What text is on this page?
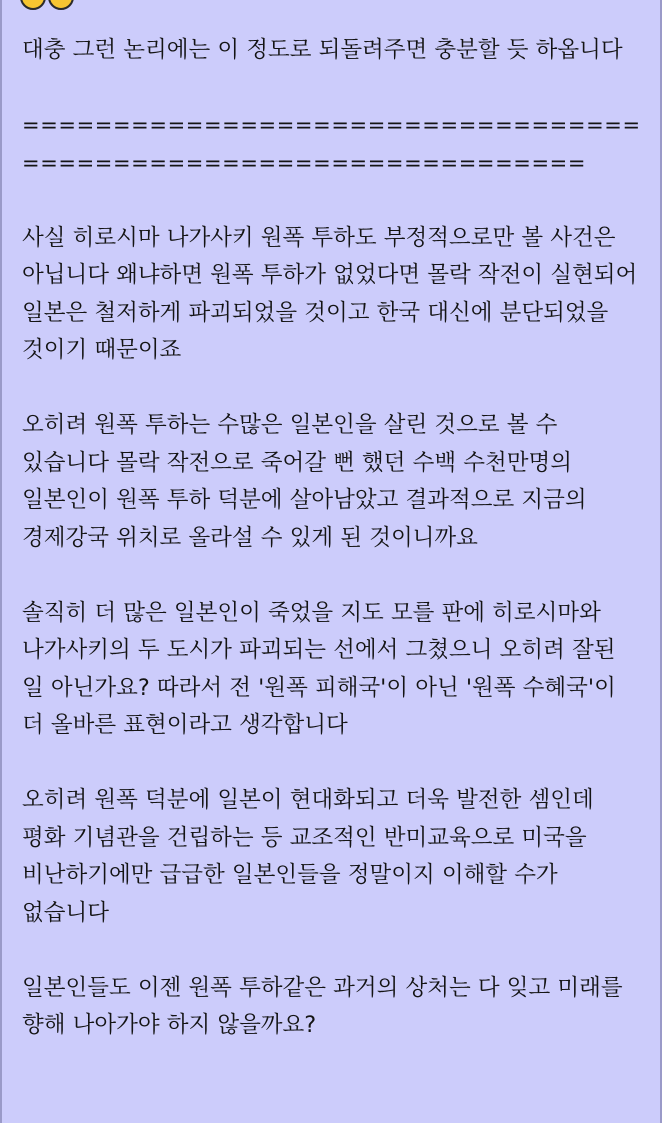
대충 그런 논리에는 이 정도로 되돌려주면 충분할 듯 하옵니다

=================================================================

사실 히로시마 나가사키 원폭 투하도 부정적으로만 볼 사건은 아닙니다 왜냐하면 원폭 투하가 없었다면 몰락 작전이 실현되어 일본은 철저하게 파괴되었을 것이고 한국 대신에 분단되었을 것이기 때문이죠

오히려 원폭 투하는 수많은 일본인을 살린 것으로 볼 수 있습니다 몰락 작전으로 죽어갈 뻔 했던 수백 수천만명의 일본인이 원폭 투하 덕분에 살아남았고 결과적으로 지금의 경제강국 위치로 올라설 수 있게 된 것이니까요

솔직히 더 많은 일본인이 죽었을 지도 모를 판에 히로시마와 나가사키의 두 도시가 파괴되는 선에서 그쳤으니 오히려 잘된 일 아닌가요? 따라서 전 '원폭 피해국'이 아닌 '원폭 수혜국'이 더 올바른 표현이라고 생각합니다

오히려 원폭 덕분에 일본이 현대화되고 더욱 발전한 셈인데 평화 기념관을 건립하는 등 교조적인 반미교육으로 미국을 비난하기에만 급급한 일본인들을 정말이지 이해할 수가 없습니다

일본인들도 이젠 원폭 투하같은 과거의 상처는 다 잊고 미래를 향해 나아가야 하지 않을까요?
